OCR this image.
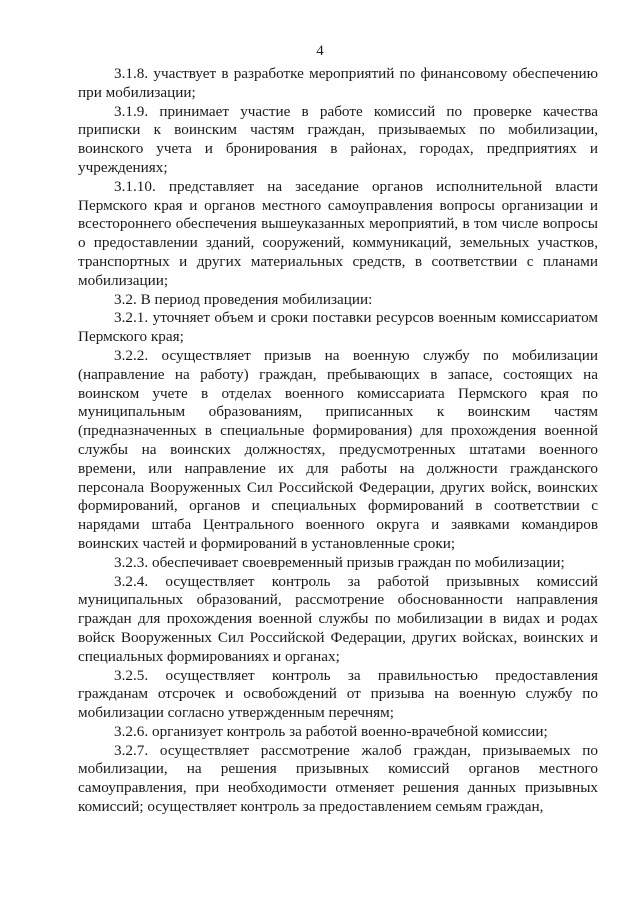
4

3.1.8. участвует в разработке мероприятий по финансовому обеспечению при мобилизации;

3.1.9. принимает участие в работе комиссий по проверке качества приписки к воинским частям граждан, призываемых по мобилизации, воинского учета и бронирования в районах, городах, предприятиях и учреждениях;

3.1.10. представляет на заседание органов исполнительной власти Пермского края и органов местного самоуправления вопросы организации и всестороннего обеспечения вышеуказанных мероприятий, в том числе вопросы о предоставлении зданий, сооружений, коммуникаций, земельных участков, транспортных и других материальных средств, в соответствии с планами мобилизации;

3.2. В период проведения мобилизации:

3.2.1. уточняет объем и сроки поставки ресурсов военным комиссариатом Пермского края;

3.2.2. осуществляет призыв на военную службу по мобилизации (направление на работу) граждан, пребывающих в запасе, состоящих на воинском учете в отделах военного комиссариата Пермского края по муниципальным образованиям, приписанных к воинским частям (предназначенных в специальные формирования) для прохождения военной службы на воинских должностях, предусмотренных штатами военного времени, или направление их для работы на должности гражданского персонала Вооруженных Сил Российской Федерации, других войск, воинских формирований, органов и специальных формирований в соответствии с нарядами штаба Центрального военного округа и заявками командиров воинских частей и формирований в установленные сроки;

3.2.3. обеспечивает своевременный призыв граждан по мобилизации;

3.2.4. осуществляет контроль за работой призывных комиссий муниципальных образований, рассмотрение обоснованности направления граждан для прохождения военной службы по мобилизации в видах и родах войск Вооруженных Сил Российской Федерации, других войсках, воинских и специальных формированиях и органах;

3.2.5. осуществляет контроль за правильностью предоставления гражданам отсрочек и освобождений от призыва на военную службу по мобилизации согласно утвержденным перечням;

3.2.6. организует контроль за работой военно-врачебной комиссии;

3.2.7. осуществляет рассмотрение жалоб граждан, призываемых по мобилизации, на решения призывных комиссий органов местного самоуправления, при необходимости отменяет решения данных призывных комиссий; осуществляет контроль за предоставлением семьям граждан,
